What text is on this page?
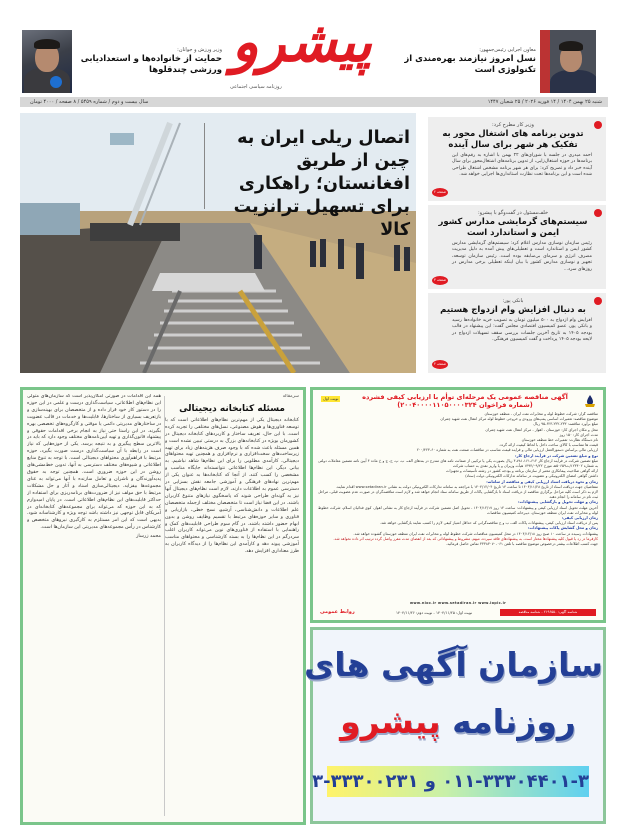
معاون اجرایی رئیس‌جمهور:
نسل امروز نیازمند بهره‌مندی از تکنولوژی است
پیشرو
روزنامه سیاسی اجتماعی
وزیر ورزش و جوانان:
حمایت از خانواده‌ها و استعدادیابی ورزشی چندقلوها
شنبه ۲۵ بهمن ۱۴۰۴ / ۱۴ فوریه ۲۰۲۶ / ۲۵ شعبان ۱۴۴۷
سال بیست و دوم / شماره ۵۴۵۹ / ۸ صفحه / ۴۰۰۰ تومان
اتصال ریلی ایران به چین از طریق افغانستان؛ راهکاری برای تسهیل ترانزیت کالا
وزیر کار مطرح کرد:
تدوین برنامه های اشتغال محور به تفکیک هر شهر برای سال آینده
احمد میدری در جلسه با شورای‌های ۲۲ بهمن با اشاره به رقم‌های این برنامه‌ها در حوزه اشتغال‌زایی، از تدوین برنامه‌های اشتغال‌محور برای سال آینده خبر داد و تصریح کرد: برای هر شهر برنامه مشخص اشتغال طراحی شده است و این برنامه‌ها تحت نظارت استانداری‌ها اجرایی خواهد شد.
صفحه ۲
خلف‌مسئول در گفت‌وگو با پیشرو:
سیستم‌های گرمایشی مدارس کشور ایمن و استاندارد است
رئیس سازمان نوسازی مدارس اعلام کرد: سیستم‌های گرمایشی مدارس کشور ایمن و استاندارد است و تعطیلی‌های پیش آمده به دلیل مدیریت مصرف انرژی و سرمای بی‌سابقه بوده است. رئیس سازمان توسعه، تجهیز و نوسازی مدارس کشور با بیان اینکه تعطیلی برخی مدارس در روزهای سرد...
صفحه ۳
بانکی پور:
به دنبال افزایش وام ازدواج هستیم
افزایش وام ازدواج به ۵۰۰ میلیون تومان به تصویب خرید خانواده‌ها رسید و بانکی پور، عضو کمیسیون اقتصادی مجلس گفت: این پیشنهاد در قالب بودجه ۱۴۰۵ به تاریخ آخرین جلسات بررسی سقف تسهیلات ازدواج در لایحه بودجه ۱۴۰۵ پرداخت و گفت کمیسیون فرهنگی.
صفحه ۴
سرمقاله
مسئله کتابخانه دیجیتالی
کتابخانه دیجیتال یکی از مهم‌ترین نظام‌های اطلاعاتی است که با توسعه فناوری‌ها و هوش مصنوعی، نسل‌های مختلفی را تجربه کرده است. با این حال، تعریف ساختار و کاربردهای کتابخانه دیجیتال در کشورمان بویژه در کتابخانه‌های بزرگ به درستی تبیین نشده است و همین مسئله باعث شده که با وجود صرف هزینه‌های زیاد برای تهیه زیرساخت‌های سخت‌افزاری و نرم‌افزاری و همچنین تهیه محتواهای دیجیتالی، کارآمدی مطلوبی را برای این نظام‌ها شاهد نباشیم. به بیانی دیگر، این نظام‌ها اطلاعاتی نتوانسته‌اند جایگاه مناسب و مشخصی را کسب کنند. از آنجا که کتابخانه‌ها به عنوان یکی از مهم‌ترین نهادهای فرهنگی و آموزشی جامعه نقش بسزایی در دسترسی عموم به اطلاعات دارند، لازم است نظام‌های دیجیتال آنها نیز به گونه‌ای طراحی شوند که پاسخگوی نیازهای متنوع کاربران باشند. در این فضا نیاز است تا متخصصان مختلف ازجمله متخصصان علم اطلاعات و دانش‌شناسی، آرشیو، نسخ خطی، بازاریابی و فناوری و سایر حوزه‌های مرتبط با تقسیم وظایف روشن و بدون ابهام حضور داشته باشند. در گام سوم طراحی قابلیت‌های کمک و راهنمایی با استفاده از فناوری‌های نوین می‌تواند کاربران اغلب سردرگم در این نظام‌ها را به بسته کارشناسی و محتواهای مناسب آموزشی پیوند دهد و کارآمدی این نظام‌ها را از دیدگاه کاربران به طرز معناداری افزایش دهد.
همه این اقدامات در صورتی امکان‌پذیر است که سازمان‌های متولی این نظام‌های اطلاعاتی، سیاست‌گذاری درست و علمی در این حوزه را در دستور کار خود قرار داده و از متخصصان برای بهینه‌سازی و بازتعریف بسیاری از ساختارها، قابلیت‌ها و خدمات در قالب عضویت در ساختارهای مدیریتی دائمی یا موقتی و کارگروه‌های تخصصی بهره بگیرند. در این راستا حتی نیاز به انجام برخی اقدامات حقوقی و پیشنهاد قانون‌گذاری و تهیه آیین‌نامه‌های مختلف وجود دارد که باید در بالاترین سطح پیگیری و به نتیجه برسد. یکی از حوزه‌هایی که نیاز است در رابطه با آن سیاست‌گذاری درست صورت بگیرد، حوزه مرتبط با فراهم‌آوری محتواهای دیجیتالی است. با توجه به تنوع منابع اطلاعاتی و شیوه‌های مختلف دسترسی به آنها، تدوین خط‌مشی‌های روشن در این حوزه ضروری است. همچنین توجه به حقوق پدیدآورندگان و ناشران و تعامل سازنده با آنها می‌تواند به غنای مجموعه‌ها بیفزاید. دیجیتالی‌سازی اسناد و آثار و حل مشکلات مرتبط با حق مولف نیز از ضرورت‌های برنامه‌ریزی برای استفاده از حداکثر قابلیت‌های این نظام‌های اطلاعاتی است. در پایان امیدوارم که به این حوزه که می‌تواند برای مجموعه‌های کتابخانه‌ای در آمریکای قابل توجهی نیز داشته باشد توجه ویژه و کارشناسانه شود. بدیهی است که این امر مستلزم به کارگیری نیروهای متخصص و کارشناس در رأس مجموعه‌های مدیریتی این سازمان‌ها است.
محمد زرساز
نوبت اول	آگهی مناقصه عمومی یک مرحله‌ای توأم با ارزیابی کیفی فشرده
(شماره فراخوان ۲۰۰۴۰۰۰۰۱۱۰۵۰۰۰۰۳۲۴)
مناقصه گزار: شرکت خطوط لوله و مخابرات نفت ایران - منطقه خوزستان
موضوع مناقصه: تعمیرات اساسی پمپ‌های ورودی و خروجی خطوط لوله مرکز انتقال نفت شهید چمران
مبلغ برآورد مناقصه: ۹۵،۶۲۳،۲۳۲،۲۳۳ ریال
محل و مکان اجرای کار: خوزستان - اهواز - مرکز انتقال نفت شهید چمران
مدت اجرای کار: ۱۵۰ روز
نام دستگاه نظارت: تعمیرات خط منطقه خوزستان
قیمت ها متناسب با کالای ساخت داخل با لحاظ کیفیت ارائه گردد.
ارزیابی مالی براساس دستورالعمل ارزیابی مالی و فرایند قیمت مناسب در مناقصات صنعت نفت به شماره ۶۰-۲۰۰/۴۲۳
نوع و مبلغ تضمین شرکت در فرآیند ارجاع کار:
مبلغ تضمین شرکت در فرآیند ارجاع کار ۴،۷۸۱،۱۶۱،۶۱۲ ریال بصورت یکی یا ترکیبی از ضمانت نامه های مندرج در بندهای الف، ب، پ، ج، چ و خ ماده ۴ آیین نامه تضمین معاملات دولتی به شماره ۱۲۳۴۰۲/ت۵۰۶۵۹هـ مورخ ۱۳۹۴/۰۹/۲۲ هیأت وزیران و یا واریز نقدی به حساب شرکت
ارائه گواهی صلاحیت پیمانکاری معتبر از سازمان برنامه و بودجه کشور در رشته تأسیسات و تجهیزات
داشتن گواهی امضای الکترونیکی و عضویت در سامانه تدارکات الکترونیکی دولت (ستاد)
زمان و نحوه دریافت اسناد ارزیابی کیفی و مناقصه از سامانه:
متقاضیان جهت دریافت اسناد از تاریخ ۱۴۰۴/۱۱/۲۸ تا ساعت ۱۴ تاریخ ۱۴۰۴/۱۲/۰۴ با مراجعه به سامانه تدارکات الکترونیکی دولت به نشانی www.setadiran.ir اقدام نمایند.
لازم به ذکر است کلیه مراحل برگزاری مناقصه از دریافت اسناد تا بازگشایی پاکات از طریق سامانه ستاد انجام خواهد شد و لازم است مناقصه‌گران در صورت عدم عضویت قبلی، مراحل ثبت نام در سامانه را انجام دهند.
زمان و مهلت تحویل و بازگشایی پیشنهادات:
آخرین مهلت تحویل اسناد ارزیابی کیفی و پیشنهادات: ساعت ۱۴ روز ۱۴۰۴/۱۲/۱۷ - تحویل اصل تضمین شرکت در فرآیند ارجاع کار به نشانی اهواز، کوی فدائیان اسلام، شرکت خطوط لوله و مخابرات نفت ایران منطقه خوزستان، دبیرخانه کمیسیون مناقصات
زمان ارزیابی کیفی:
پس از دریافت اسناد ارزیابی کیفی، پیشنهادات پاکات الف، ب و ج مناقصه‌گرانی که حداقل امتیاز کیفی لازم را کسب نمایند بازگشایی خواهد شد.
زمان و محل گشایش پاکات پیشنهادات:
پیشنهادات رسیده در ساعت ۱۰ صبح روز ۱۴۰۴/۱۲/۱۸ در محل کمیسیون مناقصات شرکت خطوط لوله و مخابرات نفت ایران منطقه خوزستان گشوده خواهد شد.
کارفرما در رد یا قبول کلیه پیشنهادها مختار است. به پیشنهادهای فاقد سپرده، مبهم، مشروط و پیشنهاداتی که بعد از انقضای مدت مقرر واصل گردد ترتیب اثر داده نخواهد شد.
جهت کسب اطلاعات بیشتر درخصوص موضوع مناقصه با تلفن ۰۶۱-۳۳۳۸۳۰۷۰ تماس حاصل فرمائید.
www.nioc.ir www.setadiran.ir www.iopic.ir
شناسه آگهی: ۲۱۹۶۵۵۰ - شناسه مناقصه
نوبت اول: ۱۴۰۴/۱۱/۲۵ - نوبت دوم: ۱۴۰۴/۱۱/۲۶
روابط عمومی
سازمان آگهی های
روزنامه پیشرو
۰۱۱-۳۳۳۰۴۴۰۱-۳ و ۳۳۳۰۰۲۳۱-۳
